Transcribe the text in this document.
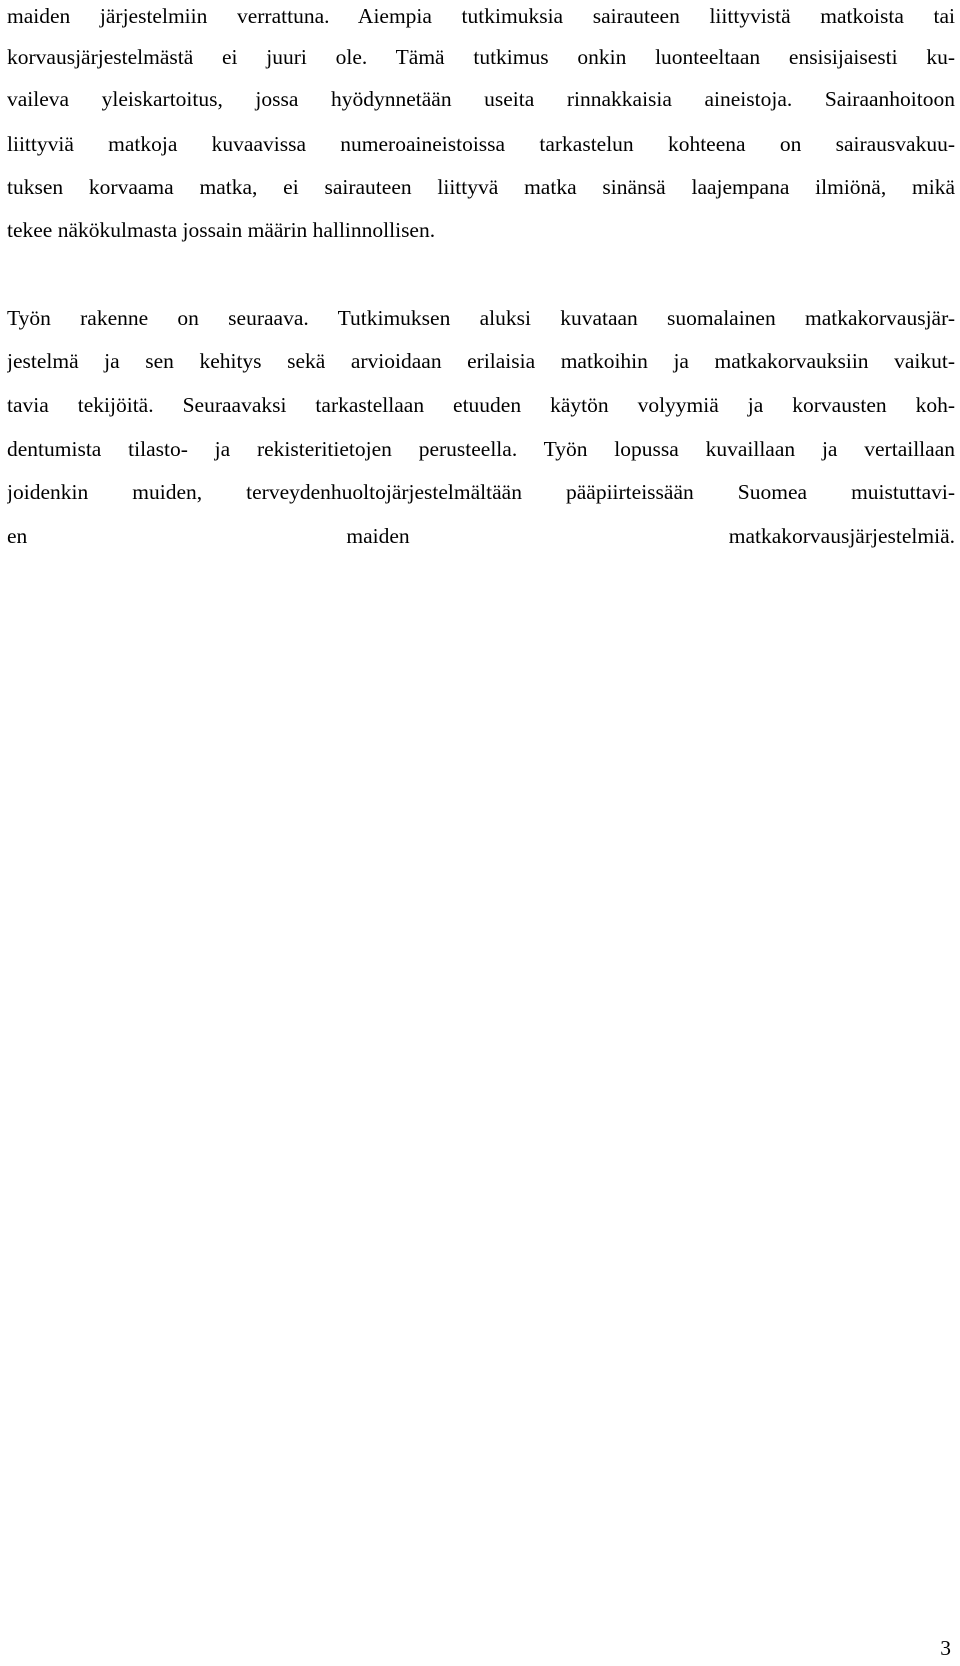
maiden järjestelmiin verrattuna. Aiempia tutkimuksia sairauteen liittyvistä matkoista tai
korvausjärjestelmästä ei juuri ole. Tämä tutkimus onkin luonteeltaan ensisijaisesti ku-
vaileva yleiskartoitus, jossa hyödynnetään useita rinnakkaisia aineistoja. Sairaanhoitoon
liittyviä matkoja kuvaavissa numeroaineistoissa tarkastelun kohteena on sairausvakuu-
tuksen korvaama matka, ei sairauteen liittyvä matka sinänsä laajempana ilmiönä, mikä
tekee näkökulmasta jossain määrin hallinnollisen.
Työn rakenne on seuraava. Tutkimuksen aluksi kuvataan suomalainen matkakorvausjär-
jestelmä ja sen kehitys sekä arvioidaan erilaisia matkoihin ja matkakorvauksiin vaikut-
tavia tekijöitä. Seuraavaksi tarkastellaan etuuden käytön volyymiä ja korvausten koh-
dentumista tilasto- ja rekisteritietojen perusteella. Työn lopussa kuvaillaan ja vertaillaan
joidenkin muiden, terveydenhuoltojärjestelmältään pääpiirteissään Suomea muistuttavi-
en maiden matkakorvausjärjestelmiä.
3
